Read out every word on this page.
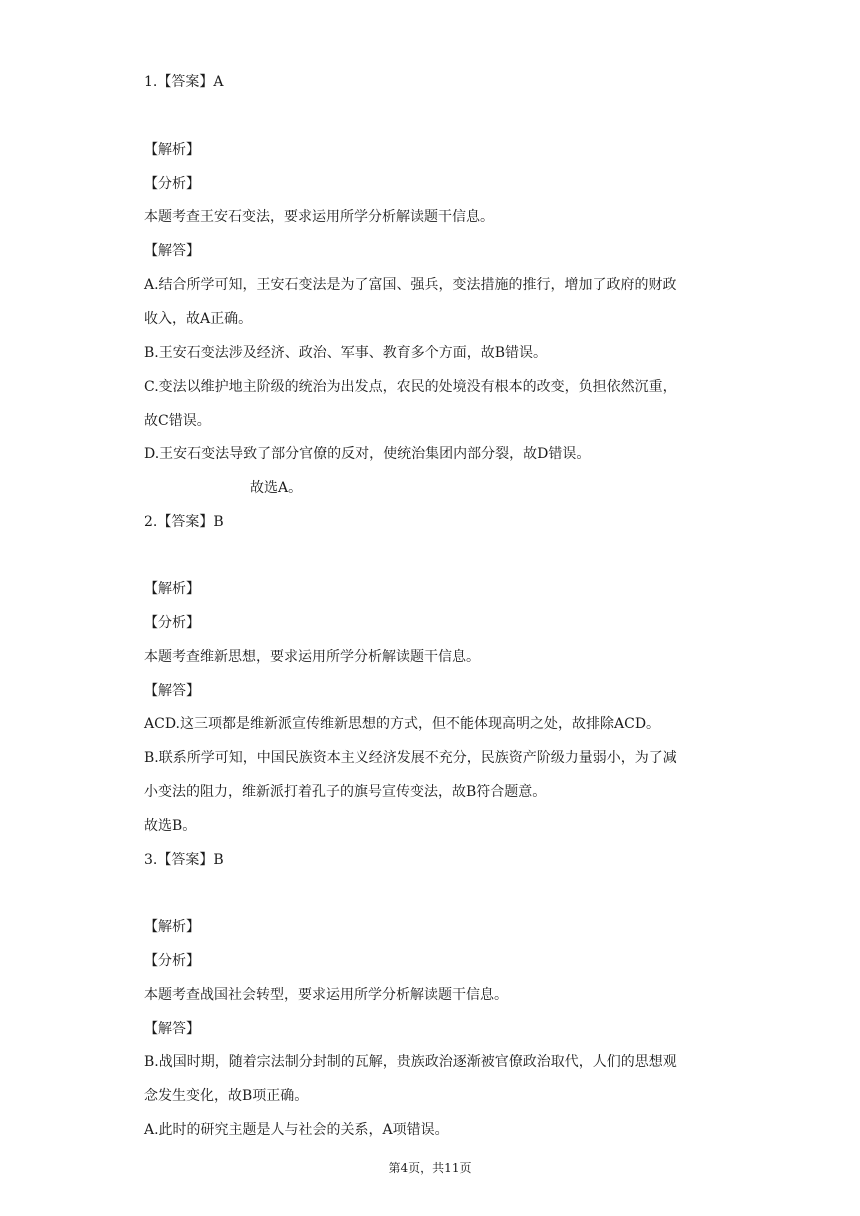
1.【答案】A
【解析】
【分析】
本题考查王安石变法，要求运用所学分析解读题干信息。
【解答】
A.结合所学可知，王安石变法是为了富国、强兵，变法措施的推行，增加了政府的财政
收入，故A正确。
B.王安石变法涉及经济、政治、军事、教育多个方面，故B错误。
C.变法以维护地主阶级的统治为出发点，农民的处境没有根本的改变，负担依然沉重，
故C错误。
D.王安石变法导致了部分官僚的反对，使统治集团内部分裂，故D错误。
故选A。
2.【答案】B
【解析】
【分析】
本题考查维新思想，要求运用所学分析解读题干信息。
【解答】
ACD.这三项都是维新派宣传维新思想的方式，但不能体现高明之处，故排除ACD。
B.联系所学可知，中国民族资本主义经济发展不充分，民族资产阶级力量弱小，为了减
小变法的阻力，维新派打着孔子的旗号宣传变法，故B符合题意。
故选B。
3.【答案】B
【解析】
【分析】
本题考查战国社会转型，要求运用所学分析解读题干信息。
【解答】
B.战国时期，随着宗法制分封制的瓦解，贵族政治逐渐被官僚政治取代，人们的思想观
念发生变化，故B项正确。
A.此时的研究主题是人与社会的关系，A项错误。
第4页，共11页
